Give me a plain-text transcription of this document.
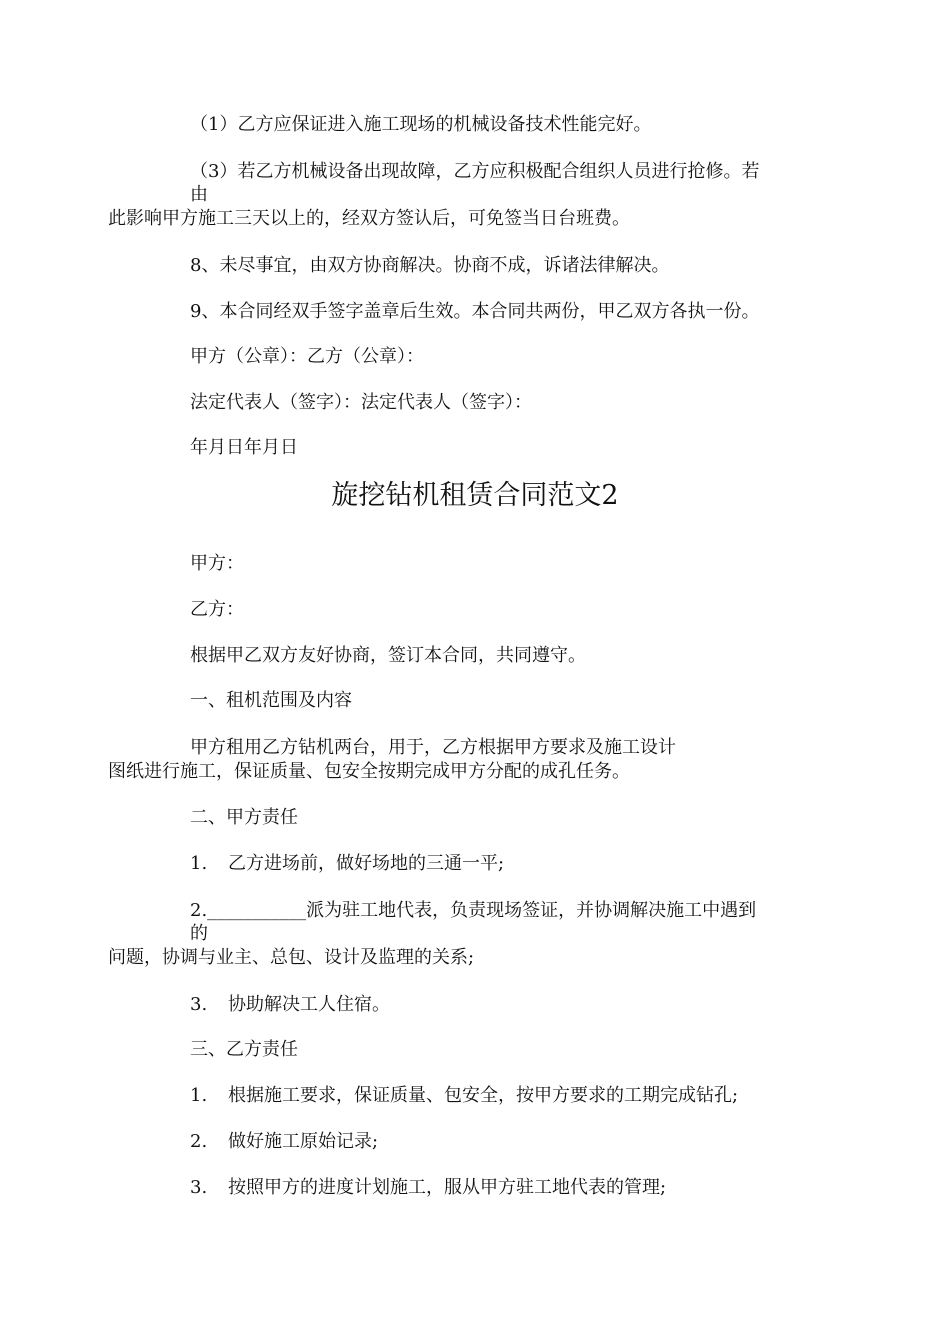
（1）乙方应保证进入施工现场的机械设备技术性能完好。
（3）若乙方机械设备出现故障，乙方应积极配合组织人员进行抢修。若
由
此影响甲方施工三天以上的，经双方签认后，可免签当日台班费。
8、未尽事宜，由双方协商解决。协商不成，诉诸法律解决。
9、本合同经双手签字盖章后生效。本合同共两份，甲乙双方各执一份。
甲方（公章）：乙方（公章）：
法定代表人（签字）：法定代表人（签字）：
年月日年月日
旋挖钻机租赁合同范文2
甲方：
乙方：
根据甲乙双方友好协商，签订本合同，共同遵守。
一、租机范围及内容
甲方租用乙方钻机两台，用于，乙方根据甲方要求及施工设计
图纸进行施工，保证质量、包安全按期完成甲方分配的成孔任务。
二、甲方责任
1. 乙方进场前，做好场地的三通一平;
2.___________派为驻工地代表，负责现场签证，并协调解决施工中遇到
的
问题，协调与业主、总包、设计及监理的关系;
3. 协助解决工人住宿。
三、乙方责任
1. 根据施工要求，保证质量、包安全，按甲方要求的工期完成钻孔;
2. 做好施工原始记录;
3. 按照甲方的进度计划施工，服从甲方驻工地代表的管理;
